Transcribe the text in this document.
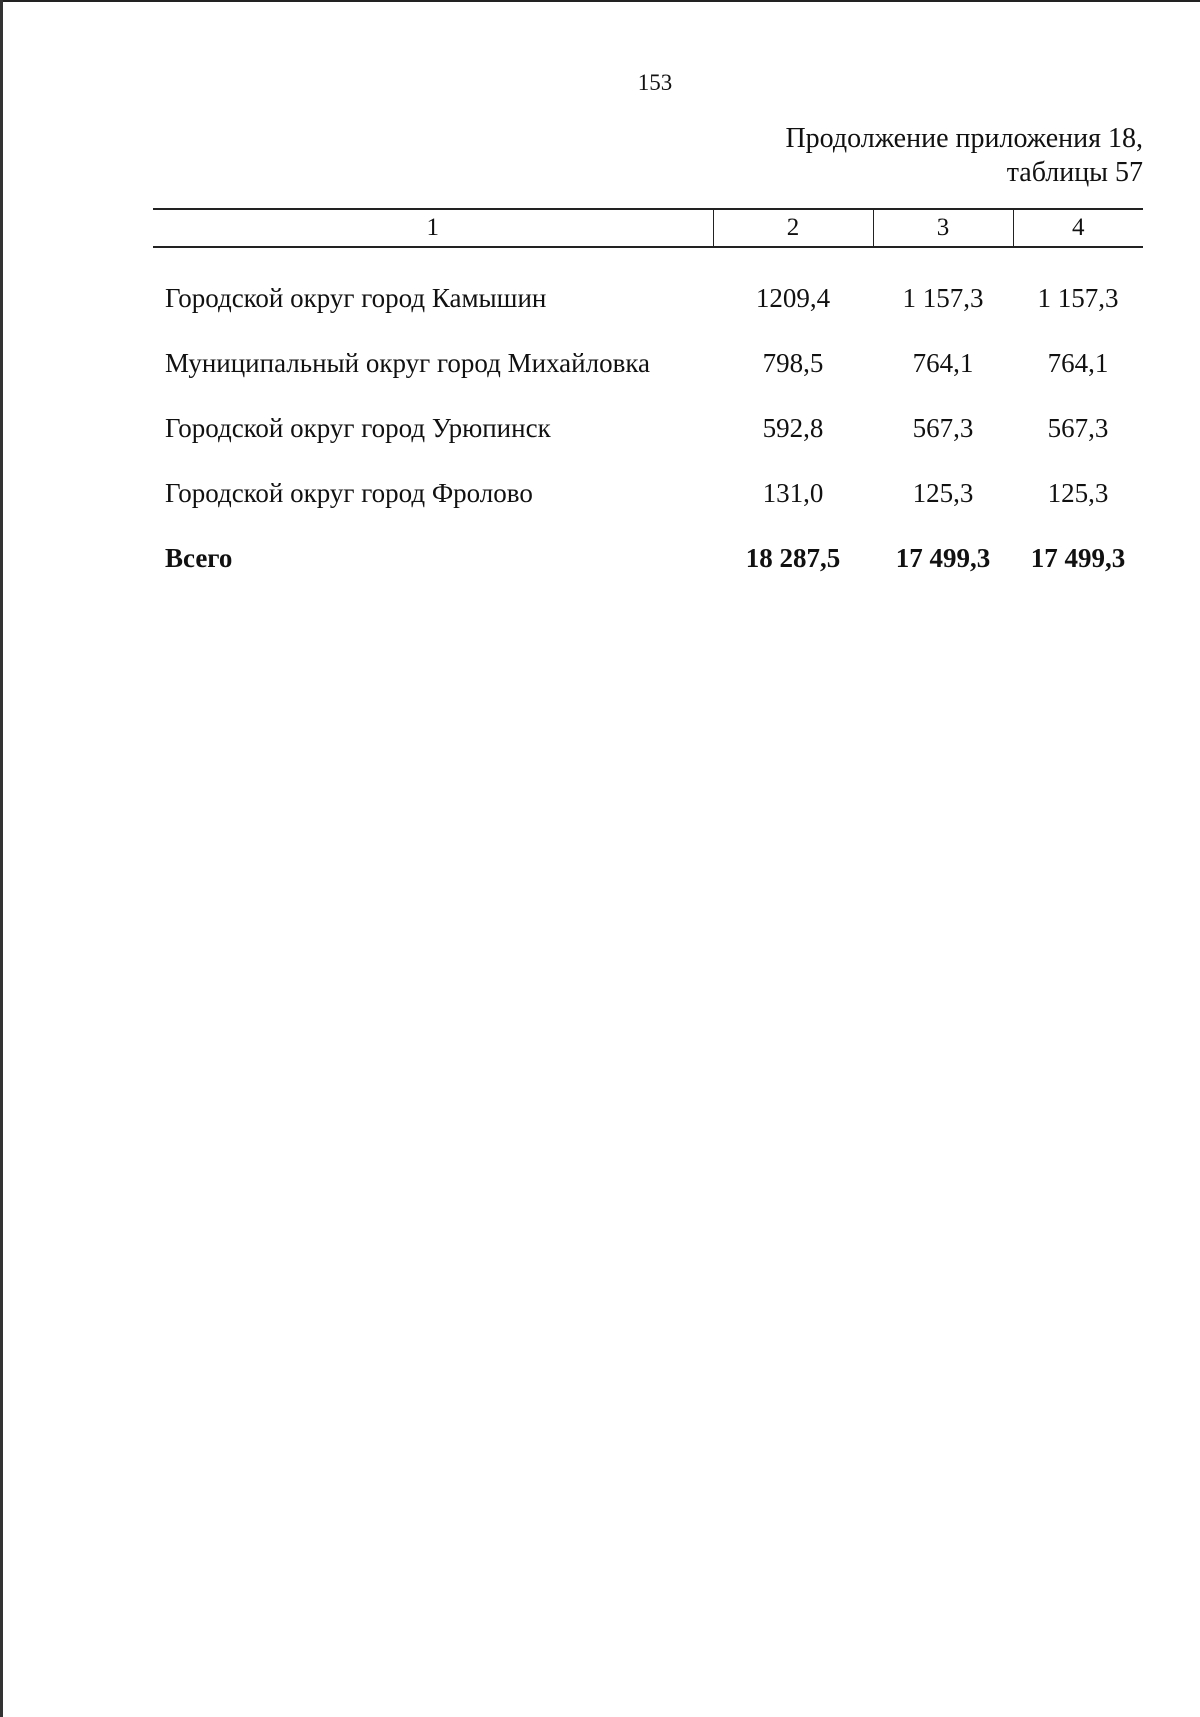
153
Продолжение приложения 18,
таблицы 57
1	2	3	4
Городской округ город Камышин	1209,4	1 157,3	1 157,3
Муниципальный округ город Михайловка	798,5	764,1	764,1
Городской округ город Урюпинск	592,8	567,3	567,3
Городской округ город Фролово	131,0	125,3	125,3
Всего	18 287,5	17 499,3	17 499,3
